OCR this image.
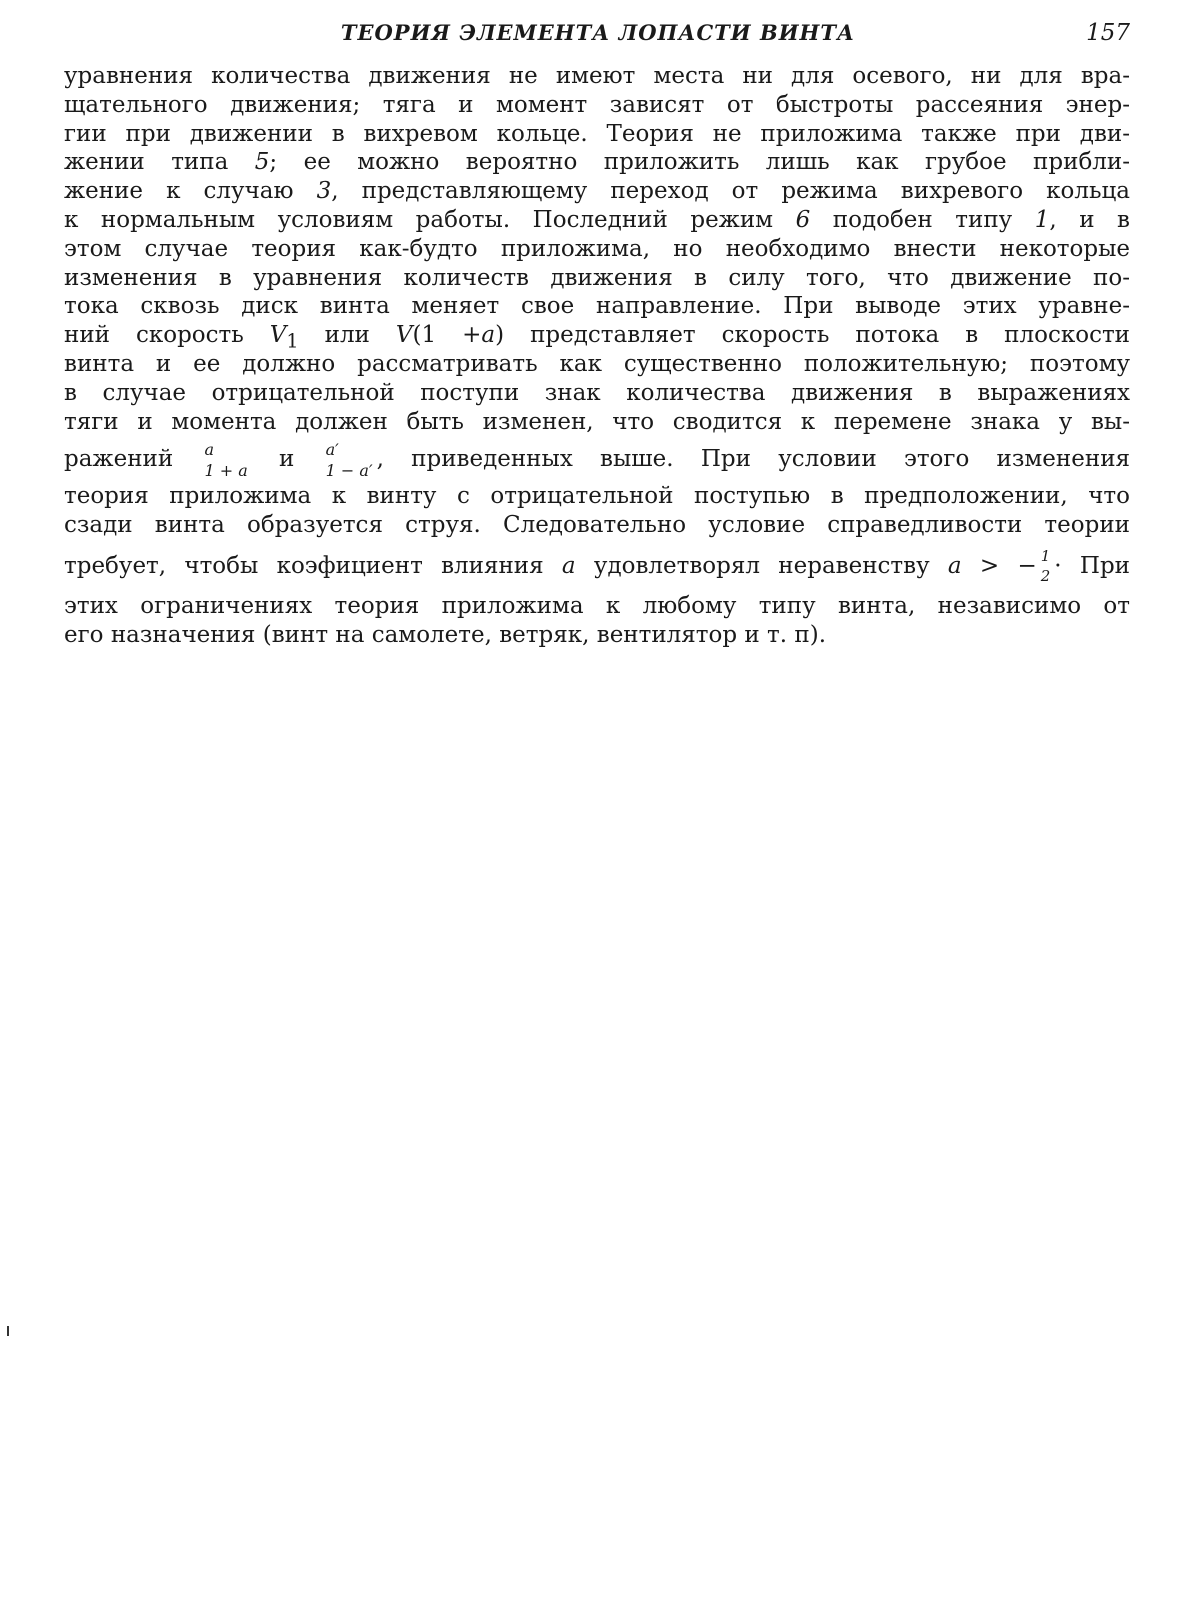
ТЕОРИЯ ЭЛЕМЕНТА ЛОПАСТИ ВИНТА	157
уравнения количества движения не имеют места ни для осевого, ни для вра-
щательного движения; тяга и момент зависят от быстроты рассеяния энер-
гии при движении в вихревом кольце. Теория не приложима также при дви-
жении типа 5; ее можно вероятно приложить лишь как грубое прибли-
жение к случаю 3, представляющему переход от режима вихревого кольца
к нормальным условиям работы. Последний режим 6 подобен типу 1, и в
этом случае теория как-будто приложима, но необходимо внести некоторые
изменения в уравнения количеств движения в силу того, что движение по-
тока сквозь диск винта меняет свое направление. При выводе этих уравне-
ний скорость $V_1$ или V(1 +a) представляет скорость потока в плоскости
винта и ее должно рассматривать как существенно положительную; поэтому
в случае отрицательной поступи знак количества движения в выражениях
тяги и момента должен быть изменен, что сводится к перемене знака у вы-
ражений a
1 + a и a′
1 − a′ , приведенных выше. При условии этого изменения
теория приложима к винту с отрицательной поступью в предположении, что
сзади винта образуется струя. Следовательно условие справедливости теории
требует, чтобы коэфициент влияния a удовлетворял неравенству a > − 1
2 · При
этих ограничениях теория приложима к любому типу винта, независимо от
его назначения (винт на самолете, ветряк, вентилятор и т. п).
